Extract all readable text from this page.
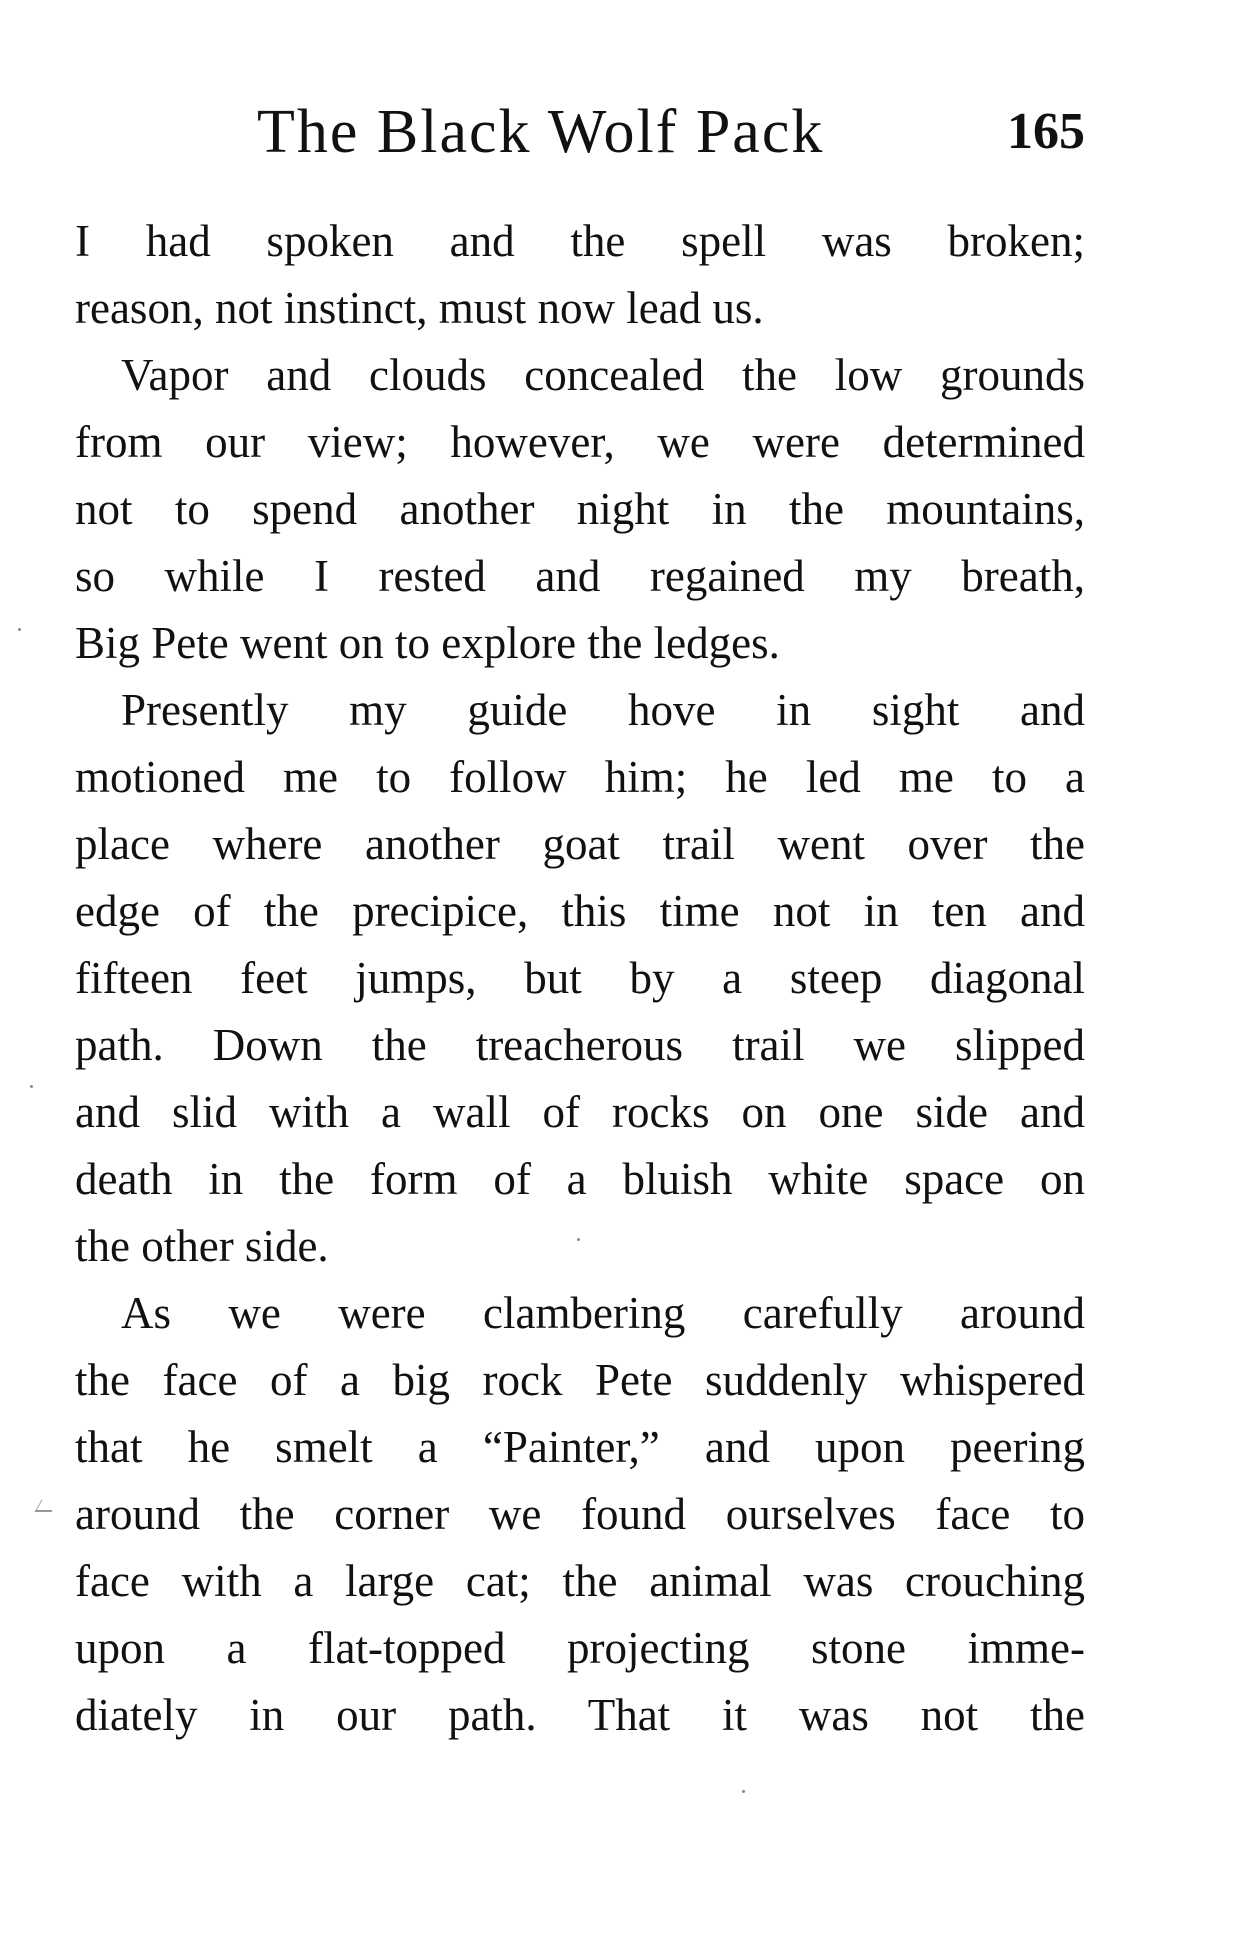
The Black Wolf Pack	165
I had spoken and the spell was broken;
reason, not instinct, must now lead us.
Vapor and clouds concealed the low grounds
from our view; however, we were determined
not to spend another night in the mountains,
so while I rested and regained my breath,
Big Pete went on to explore the ledges.
Presently my guide hove in sight and
motioned me to follow him; he led me to a
place where another goat trail went over the
edge of the precipice, this time not in ten and
fifteen feet jumps, but by a steep diagonal
path. Down the treacherous trail we slipped
and slid with a wall of rocks on one side and
death in the form of a bluish white space on
the other side.
As we were clambering carefully around
the face of a big rock Pete suddenly whispered
that he smelt a “Painter,” and upon peering
around the corner we found ourselves face to
face with a large cat; the animal was crouching
upon a flat-topped projecting stone imme-
diately in our path. That it was not the
